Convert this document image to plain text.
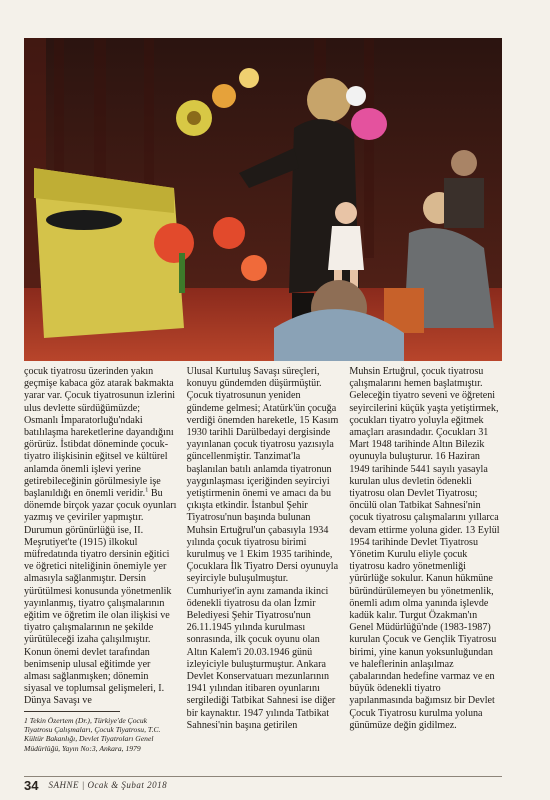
çocuk tiyatrosu üzerinden yakın geçmişe kabaca göz atarak bakmakta yarar var. Çocuk tiyatrosunun izlerini ulus devlette sürdüğümüzde; Osmanlı İmparatorluğu'ndaki batılılaşma hareketlerine dayandığını görürüz. İstibdat döneminde çocuk-tiyatro ilişkisinin eğitsel ve kültürel anlamda önemli işlevi yerine getirebileceğinin görülmesiyle işe başlanıldığı en önemli veridir.$^1$ Bu dönemde birçok yazar çocuk oyunları yazmış ve çeviriler yapmıştır. Durumun görünürlüğü ise, II. Meşrutiyet'te (1915) ilkokul müfredatında tiyatro dersinin eğitici ve öğretici niteliğinin önemiyle yer almasıyla sağlanmıştır. Dersin yürütülmesi konusunda yönetmenlik yayınlanmış, tiyatro çalışmalarının eğitim ve öğretim ile olan ilişkisi ve tiyatro çalışmalarının ne şekilde yürütüleceği izaha çalışılmıştır. Konun önemi devlet tarafından benimsenip ulusal eğitimde yer alması sağlanmışken; dönemin siyasal ve toplumsal gelişmeleri, I. Dünya Savaşı ve

1 Tekin Özertem (Dr.), Türkiye'de Çocuk Tiyatrosu Çalışmaları, Çocuk Tiyatrosu, T.C. Kültür Bakanlığı, Devlet Tiyatroları Genel Müdürlüğü, Yayın No:3, Ankara, 1979

Ulusal Kurtuluş Savaşı süreçleri, konuyu gündemden düşürmüştür. Çocuk tiyatrosunun yeniden gündeme gelmesi; Atatürk'ün çocuğa verdiği önemden hareketle, 15 Kasım 1930 tarihli Darülbedayi dergisinde yayınlanan çocuk tiyatrosu yazısıyla güncellenmiştir. Tanzimat'la başlanılan batılı anlamda tiyatronun yaygınlaşması içeriğinden seyirciyi yetiştirmenin önemi ve amacı da bu çıkışta etkindir. İstanbul Şehir Tiyatrosu'nun başında bulunan Muhsin Ertuğrul'un çabasıyla 1934 yılında çocuk tiyatrosu birimi kurulmuş ve 1 Ekim 1935 tarihinde, Çocuklara İlk Tiyatro Dersi oyunuyla seyirciyle buluşulmuştur. Cumhuriyet'in aynı zamanda ikinci ödenekli tiyatrosu da olan İzmir Belediyesi Şehir Tiyatrosu'nun 26.11.1945 yılında kurulması sonrasında, ilk çocuk oyunu olan Altın Kalem'i 20.03.1946 günü izleyiciyle buluşturmuştur. Ankara Devlet Konservatuarı mezunlarının 1941 yılından itibaren oyunlarını sergilediği Tatbikat Sahnesi ise diğer bir kaynaktır. 1947 yılında Tatbikat Sahnesi'nin başına getirilen

Muhsin Ertuğrul, çocuk tiyatrosu çalışmalarını hemen başlatmıştır. Geleceğin tiyatro seveni ve öğreteni seyircilerini küçük yaşta yetiştirmek, çocukları tiyatro yoluyla eğitmek amaçları arasındadır. Çocukları 31 Mart 1948 tarihinde Altın Bilezik oyunuyla buluşturur. 16 Haziran 1949 tarihinde 5441 sayılı yasayla kurulan ulus devletin ödenekli tiyatrosu olan Devlet Tiyatrosu; öncülü olan Tatbikat Sahnesi'nin çocuk tiyatrosu çalışmalarını yıllarca devam ettirme yoluna gider. 13 Eylül 1954 tarihinde Devlet Tiyatrosu Yönetim Kurulu eliyle çocuk tiyatrosu kadro yönetmenliği yürürlüğe sokulur. Kanun hükmüne büründürülemeyen bu yönetmenlik, önemli adım olma yanında işlevde kadük kalır. Turgut Özakman'ın Genel Müdürlüğü'nde (1983-1987) kurulan Çocuk ve Gençlik Tiyatrosu birimi, yine kanun yoksunluğundan ve haleflerinin anlaşılmaz çabalarından hedefine varmaz ve en büyük ödenekli tiyatro yapılanmasında bağımsız bir Devlet Çocuk Tiyatrosu kurulma yoluna günümüze değin gidilmez.

34 SAHNE | Ocak & Şubat 2018
